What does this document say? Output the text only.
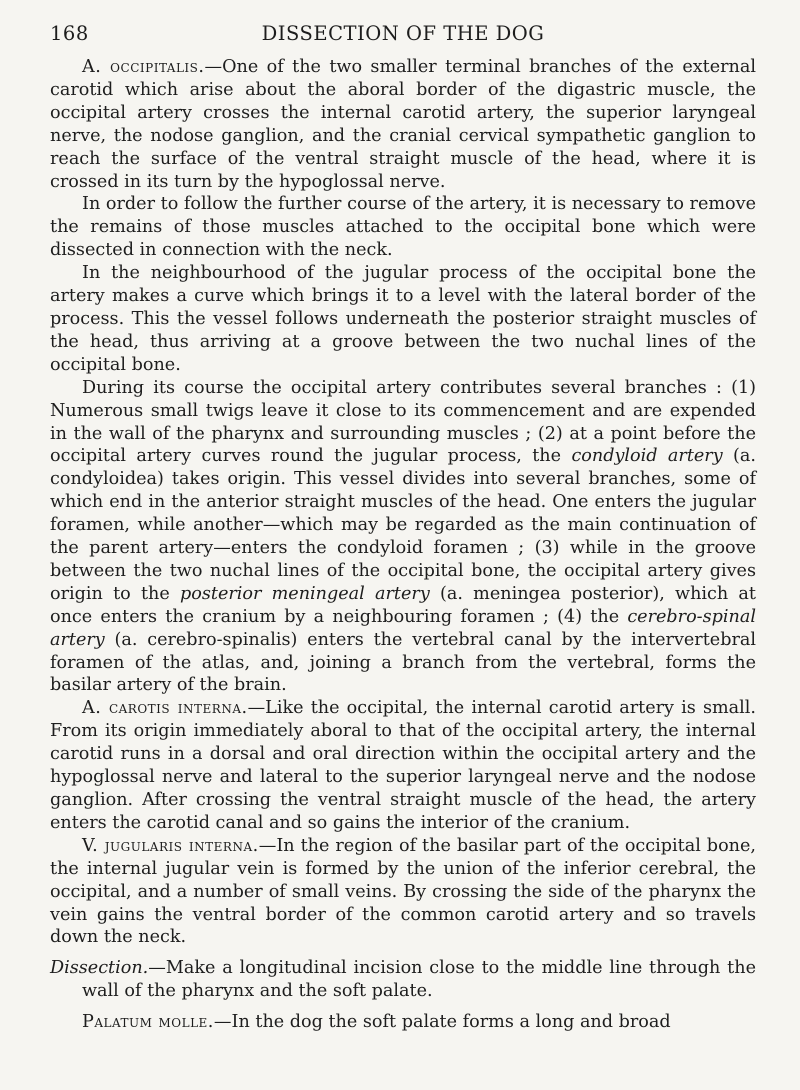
168	DISSECTION OF THE DOG

A. occipitalis.—One of the two smaller terminal branches of the external carotid which arise about the aboral border of the digastric muscle, the occipital artery crosses the internal carotid artery, the superior laryngeal nerve, the nodose ganglion, and the cranial cervical sympathetic ganglion to reach the surface of the ventral straight muscle of the head, where it is crossed in its turn by the hypoglossal nerve.

In order to follow the further course of the artery, it is necessary to remove the remains of those muscles attached to the occipital bone which were dissected in connection with the neck.

In the neighbourhood of the jugular process of the occipital bone the artery makes a curve which brings it to a level with the lateral border of the process. This the vessel follows underneath the posterior straight muscles of the head, thus arriving at a groove between the two nuchal lines of the occipital bone.

During its course the occipital artery contributes several branches : (1) Numerous small twigs leave it close to its commencement and are expended in the wall of the pharynx and surrounding muscles ; (2) at a point before the occipital artery curves round the jugular process, the condyloid artery (a. condyloidea) takes origin. This vessel divides into several branches, some of which end in the anterior straight muscles of the head. One enters the jugular foramen, while another—which may be regarded as the main continuation of the parent artery—enters the condyloid foramen ; (3) while in the groove between the two nuchal lines of the occipital bone, the occipital artery gives origin to the posterior meningeal artery (a. meningea posterior), which at once enters the cranium by a neighbouring foramen ; (4) the cerebro-spinal artery (a. cerebro-spinalis) enters the vertebral canal by the intervertebral foramen of the atlas, and, joining a branch from the vertebral, forms the basilar artery of the brain.

A. carotis interna.—Like the occipital, the internal carotid artery is small. From its origin immediately aboral to that of the occipital artery, the internal carotid runs in a dorsal and oral direction within the occipital artery and the hypoglossal nerve and lateral to the superior laryngeal nerve and the nodose ganglion. After crossing the ventral straight muscle of the head, the artery enters the carotid canal and so gains the interior of the cranium.

V. jugularis interna.—In the region of the basilar part of the occipital bone, the internal jugular vein is formed by the union of the inferior cerebral, the occipital, and a number of small veins. By crossing the side of the pharynx the vein gains the ventral border of the common carotid artery and so travels down the neck.

Dissection.—Make a longitudinal incision close to the middle line through the wall of the pharynx and the soft palate.

Palatum molle.—In the dog the soft palate forms a long and broad
